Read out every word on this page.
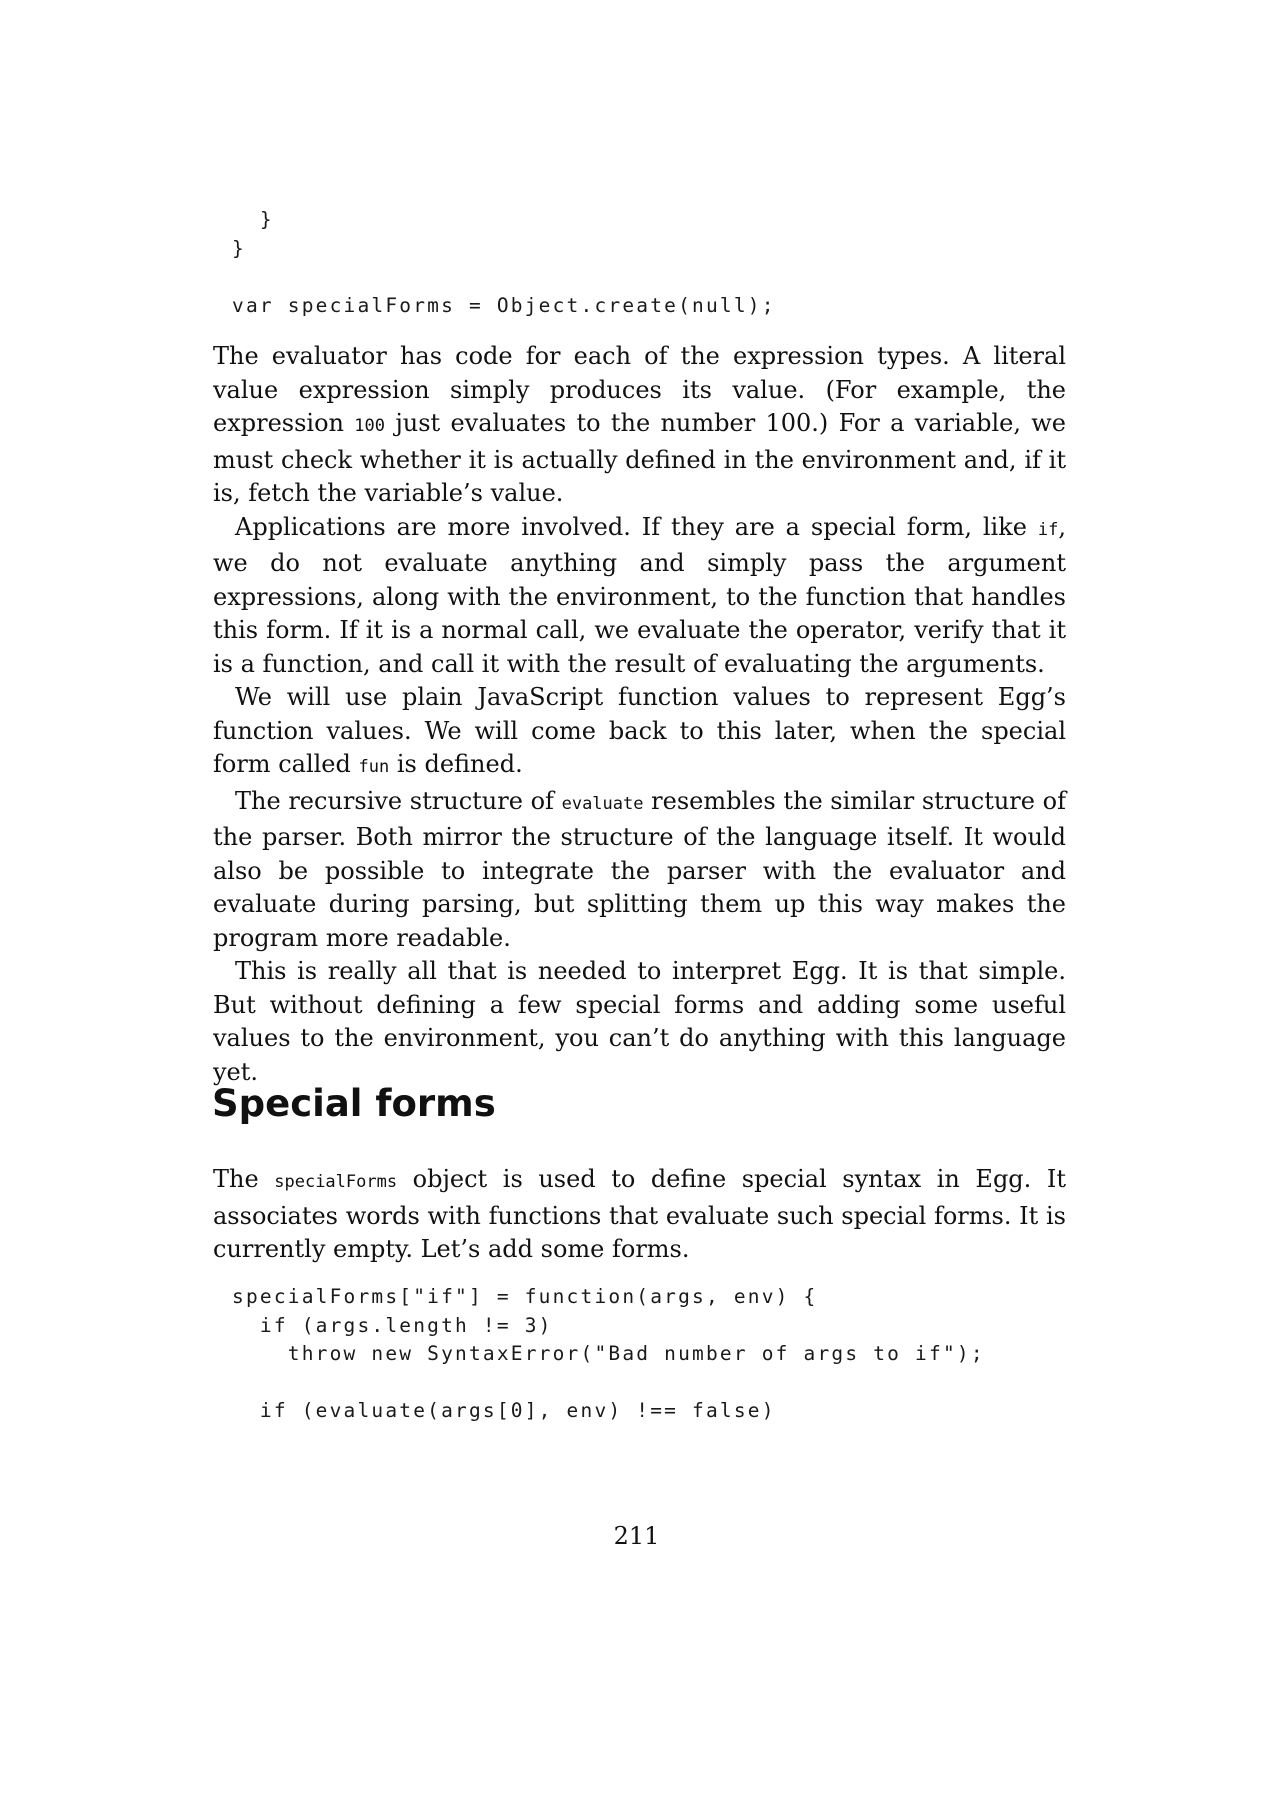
}
}
var specialForms = Object.create(null);

The evaluator has code for each of the expression types. A literal value expression simply produces its value. (For example, the expression 100 just evaluates to the number 100.) For a variable, we must check whether it is actually defined in the environment and, if it is, fetch the variable’s value.

Applications are more involved. If they are a special form, like if, we do not evaluate anything and simply pass the argument expressions, along with the environment, to the function that handles this form. If it is a normal call, we evaluate the operator, verify that it is a function, and call it with the result of evaluating the arguments.

We will use plain JavaScript function values to represent Egg’s function values. We will come back to this later, when the special form called fun is defined.

The recursive structure of evaluate resembles the similar structure of the parser. Both mirror the structure of the language itself. It would also be possible to integrate the parser with the evaluator and evaluate during parsing, but splitting them up this way makes the program more readable.

This is really all that is needed to interpret Egg. It is that simple. But without defining a few special forms and adding some useful values to the environment, you can’t do anything with this language yet.

Special forms

The specialForms object is used to define special syntax in Egg. It associates words with functions that evaluate such special forms. It is currently empty. Let’s add some forms.

specialForms["if"] = function(args, env) {
if (args.length != 3)
throw new SyntaxError("Bad number of args to if");
if (evaluate(args[0], env) !== false)
211
